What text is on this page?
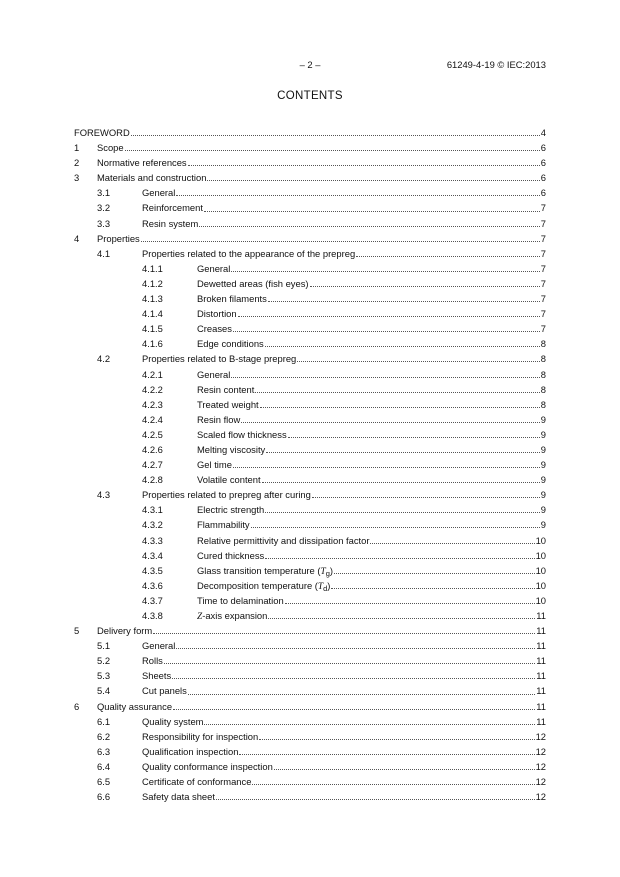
– 2 –	61249-4-19 © IEC:2013
CONTENTS
FOREWORD	4
1	Scope	6
2	Normative references	6
3	Materials and construction	6
3.1	General	6
3.2	Reinforcement	7
3.3	Resin system	7
4	Properties	7
4.1	Properties related to the appearance of the prepreg	7
4.1.1	General	7
4.1.2	Dewetted areas (fish eyes)	7
4.1.3	Broken filaments	7
4.1.4	Distortion	7
4.1.5	Creases	7
4.1.6	Edge conditions	8
4.2	Properties related to B-stage prepreg	8
4.2.1	General	8
4.2.2	Resin content	8
4.2.3	Treated weight	8
4.2.4	Resin flow	9
4.2.5	Scaled flow thickness	9
4.2.6	Melting viscosity	9
4.2.7	Gel time	9
4.2.8	Volatile content	9
4.3	Properties related to prepreg after curing	9
4.3.1	Electric strength	9
4.3.2	Flammability	9
4.3.3	Relative permittivity and dissipation factor	10
4.3.4	Cured thickness	10
4.3.5	Glass transition temperature $(T_g)$	10
4.3.6	Decomposition temperature $(T_d)$	10
4.3.7	Time to delamination	10
4.3.8	Z-axis expansion	11
5	Delivery form	11
5.1	General	11
5.2	Rolls	11
5.3	Sheets	11
5.4	Cut panels	11
6	Quality assurance	11
6.1	Quality system	11
6.2	Responsibility for inspection	12
6.3	Qualification inspection	12
6.4	Quality conformance inspection	12
6.5	Certificate of conformance	12
6.6	Safety data sheet	12
